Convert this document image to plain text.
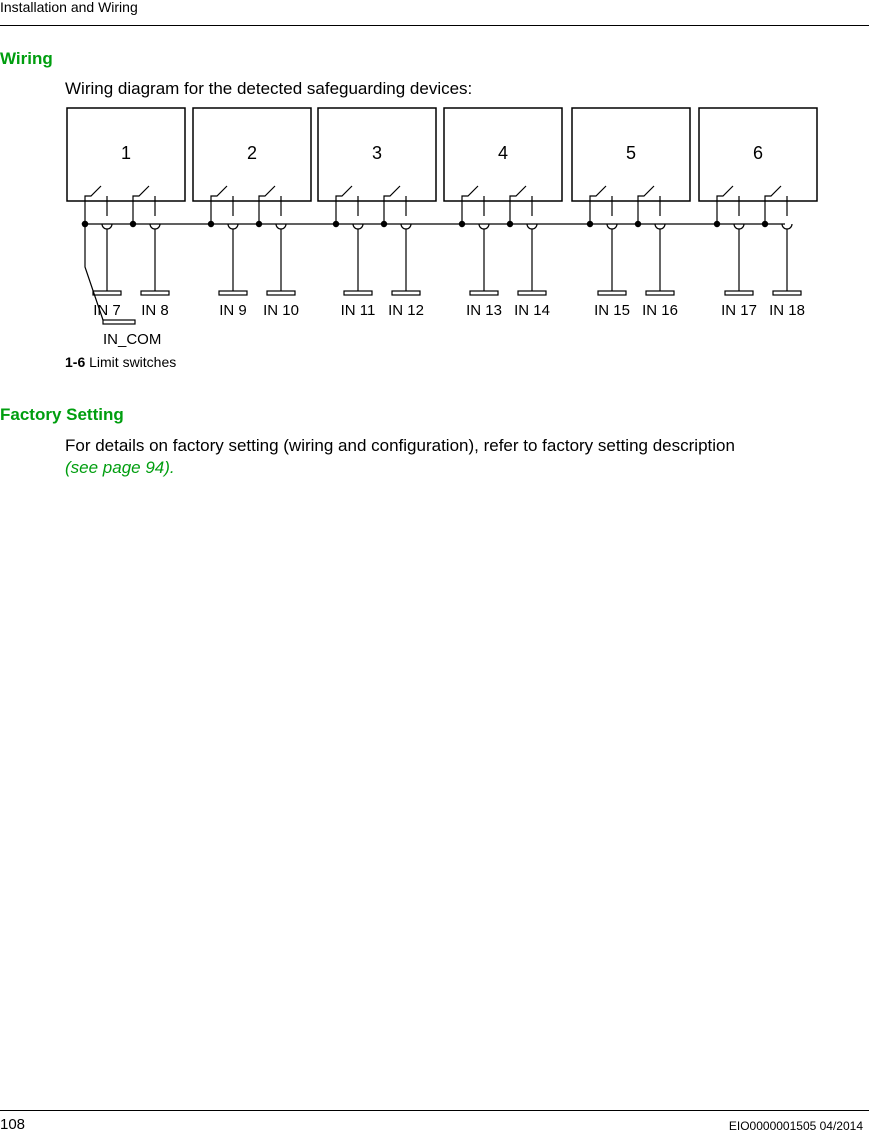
Installation and Wiring
Wiring
Wiring diagram for the detected safeguarding devices:
1
IN 7 IN 8
2
IN 9 IN 10
3
IN 11 IN 12
4
IN 13 IN 14
5
IN 15 IN 16
6
IN 17 IN 18
IN_COM
1-6 Limit switches
Factory Setting
For details on factory setting (wiring and configuration), refer to factory setting description
(see page 94).
108	EIO0000001505 04/2014
